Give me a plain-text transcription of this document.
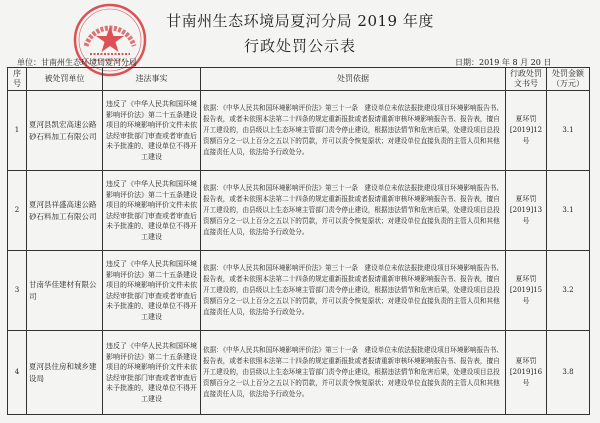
甘南州生态环境局夏河分局 2019 年度
行政处罚公示表
单位：甘南州生态环境局夏河分局	日期：2019 年 8 月 20 日
序号	被处罚单位	违法事实	处罚依据	行政处罚文书号	处罚金额（万元）
1	夏河县凯宏高速公路砂石料加工有限公司	违反了《中华人民共和国环境影响评价法》第二十五条建设项目的环境影响评价文件未依法经审批部门审查或者审查后未予批准的，建设单位不得开工建设	依据：《中华人民共和国环境影响评价法》第三十一条　建设单位未依法报批建设项目环境影响报告书、报告表，或者未依照本法第二十四条的规定重新报批或者报请重新审核环境影响报告书、报告表，擅自开工建设的，由县级以上生态环境主管部门责令停止建设，根据违法情节和危害后果，处建设项目总投资额百分之一以上百分之五以下的罚款，并可以责令恢复原状；对建设单位直接负责的主管人员和其他直接责任人员，依法给予行政处分。	夏环罚[2019]12号	3.1
2	夏河县祥盛高速公路砂石料加工有限公司	违反了《中华人民共和国环境影响评价法》第二十五条建设项目的环境影响评价文件未依法经审批部门审查或者审查后未予批准的，建设单位不得开工建设	依据：《中华人民共和国环境影响评价法》第三十一条　建设单位未依法报批建设项目环境影响报告书、报告表，或者未依照本法第二十四条的规定重新报批或者报请重新审核环境影响报告书、报告表，擅自开工建设的，由县级以上生态环境主管部门责令停止建设，根据违法情节和危害后果，处建设项目总投资额百分之一以上百分之五以下的罚款，并可以责令恢复原状；对建设单位直接负责的主管人员和其他直接责任人员，依法给予行政处分。	夏环罚[2019]13号	3.1
3	甘南华佳建材有限公司	违反了《中华人民共和国环境影响评价法》第二十五条建设项目的环境影响评价文件未依法经审批部门审查或者审查后未予批准的，建设单位不得开工建设	依据：《中华人民共和国环境影响评价法》第三十一条　建设单位未依法报批建设项目环境影响报告书、报告表，或者未依照本法第二十四条的规定重新报批或者报请重新审核环境影响报告书、报告表，擅自开工建设的，由县级以上生态环境主管部门责令停止建设，根据违法情节和危害后果，处建设项目总投资额百分之一以上百分之五以下的罚款，并可以责令恢复原状；对建设单位直接负责的主管人员和其他直接责任人员，依法给予行政处分。	夏环罚[2019]15号	3.2
4	夏河县住房和城乡建设局	违反了《中华人民共和国环境影响评价法》第二十五条建设项目的环境影响评价文件未依法经审批部门审查或者审查后未予批准的，建设单位不得开工建设	依据：《中华人民共和国环境影响评价法》第三十一条　建设单位未依法报批建设项目环境影响报告书、报告表，或者未依照本法第二十四条的规定重新报批或者报请重新审核环境影响报告书、报告表，擅自开工建设的，由县级以上生态环境主管部门责令停止建设，根据违法情节和危害后果，处建设项目总投资额百分之一以上百分之五以下的罚款，并可以责令恢复原状；对建设单位直接负责的主管人员和其他直接责任人员，依法给予行政处分。	夏环罚[2019]16号	3.8
